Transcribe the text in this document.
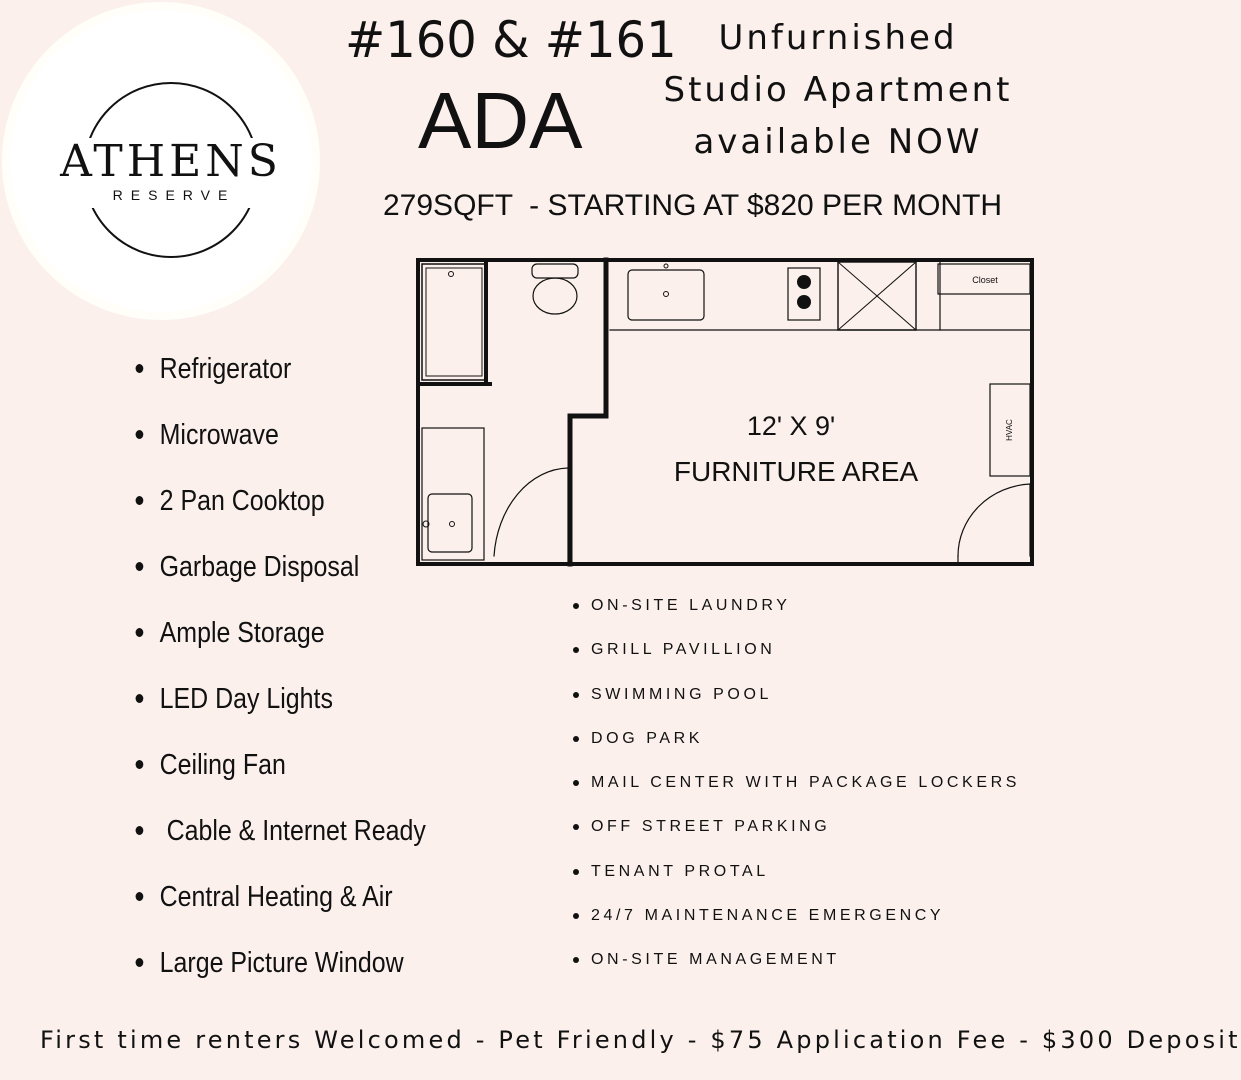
ATHENS
RESERVE
#160 & #161
ADA
Unfurnished
Studio Apartment
available NOW
279SQFT  - STARTING AT $820 PER MONTH
Closet
HVAC
12' X 9'
FURNITURE AREA
Refrigerator
Microwave
2 Pan Cooktop
Garbage Disposal
Ample Storage
LED Day Lights
Ceiling Fan
Cable & Internet Ready
Central Heating & Air
Large Picture Window
ON-SITE LAUNDRY
GRILL PAVILLION
SWIMMING POOL
DOG PARK
MAIL CENTER WITH PACKAGE LOCKERS
OFF STREET PARKING
TENANT PROTAL
24/7 MAINTENANCE EMERGENCY
ON-SITE MANAGEMENT
First time renters Welcomed - Pet Friendly - $75 Application Fee - $300 Deposit
